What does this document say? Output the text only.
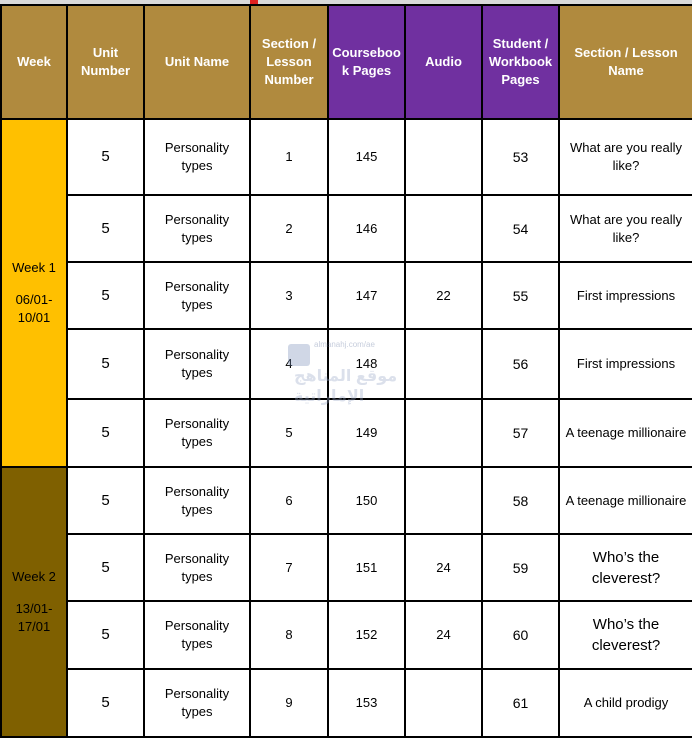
Week	Unit Number	Unit Name	Section / Lesson Number	Courseboo k Pages	Audio	Student / Workbook Pages	Section / Lesson Name

Week 1
06/01- 10/01	5	Personality types	1	145		53	What are you really like?
	5	Personality types	2	146		54	What are you really like?
	5	Personality types	3	147	22	55	First impressions
	5	Personality types	4	148		56	First impressions
	5	Personality types	5	149		57	A teenage millionaire

Week 2
13/01- 17/01	5	Personality types	6	150		58	A teenage millionaire
	5	Personality types	7	151	24	59	Who’s the cleverest?
	5	Personality types	8	152	24	60	Who’s the cleverest?
	5	Personality types	9	153		61	A child prodigy
almanahj.com/ae
موقع المناهج الإماراتية
